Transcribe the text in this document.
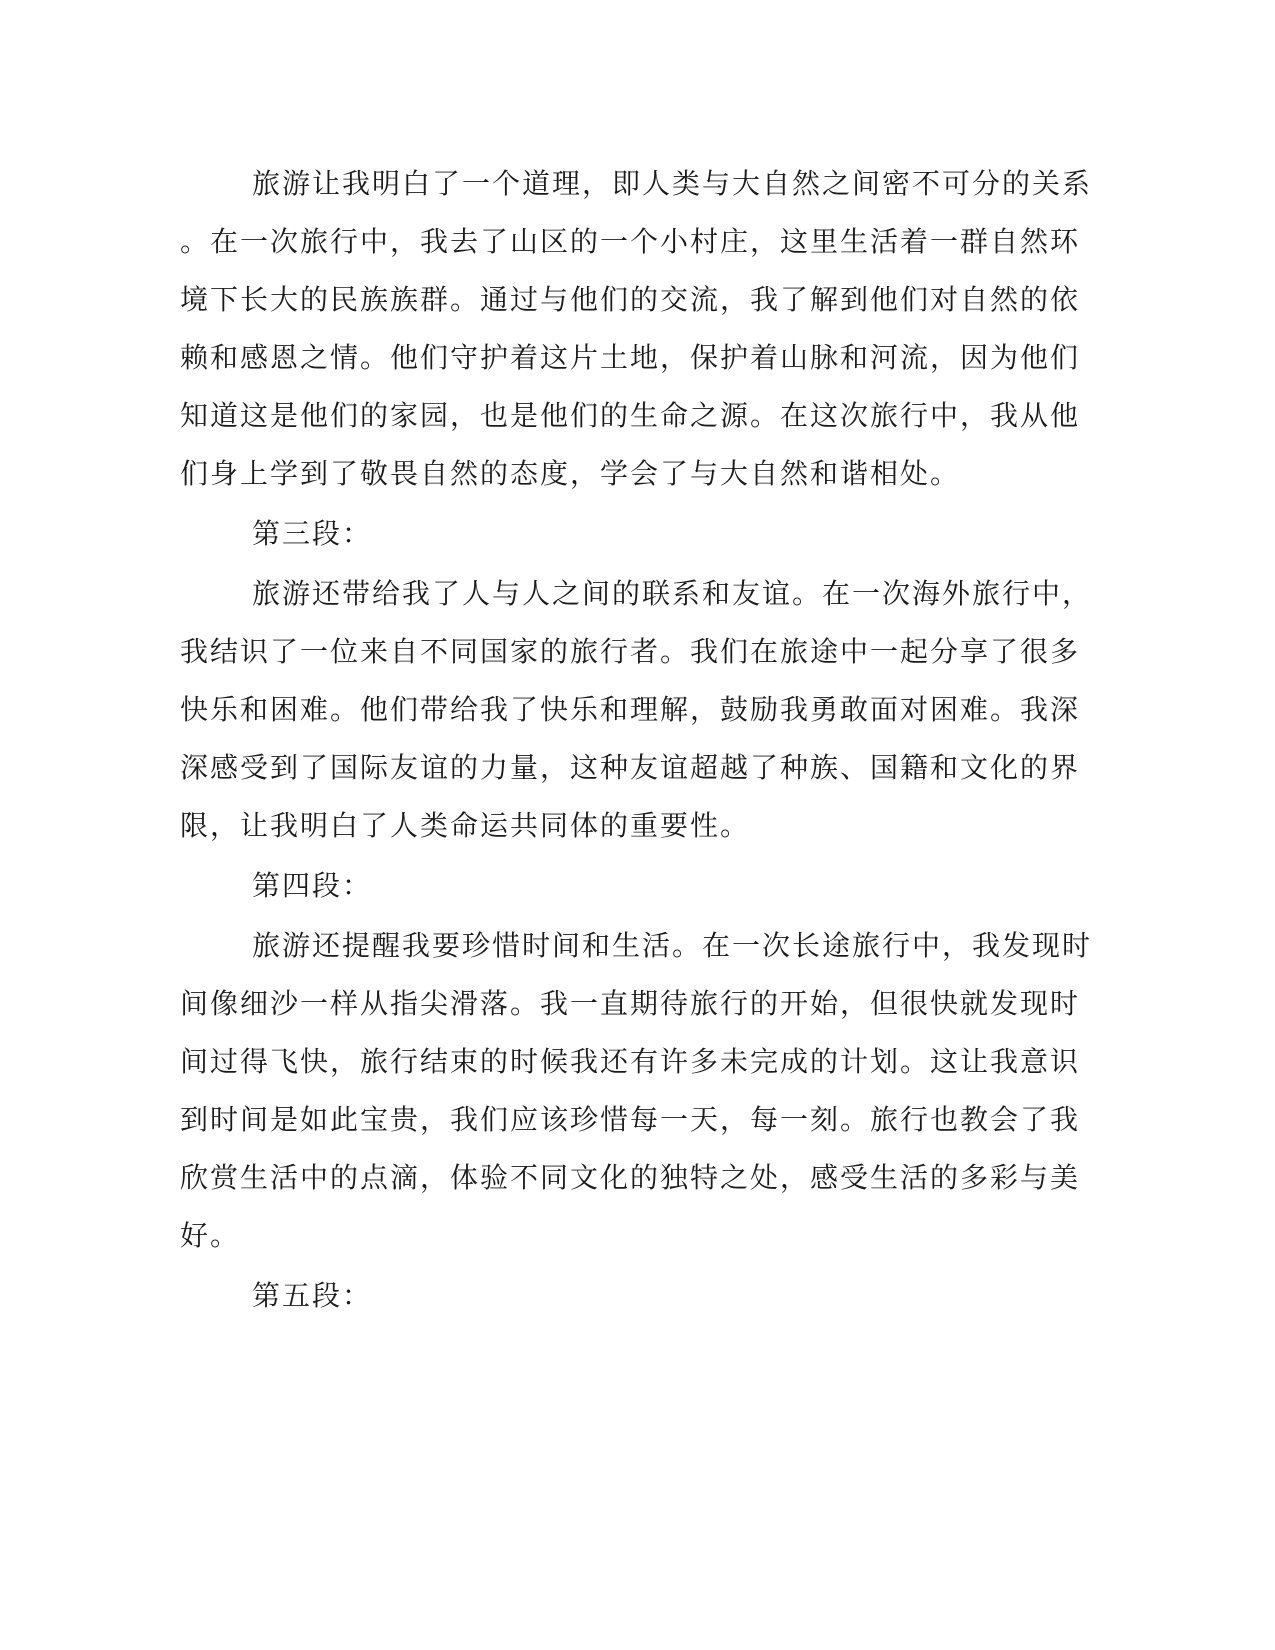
旅游让我明白了一个道理，即人类与大自然之间密不可分的关系
。在一次旅行中，我去了山区的一个小村庄，这里生活着一群自然环
境下长大的民族族群。通过与他们的交流，我了解到他们对自然的依
赖和感恩之情。他们守护着这片土地，保护着山脉和河流，因为他们
知道这是他们的家园，也是他们的生命之源。在这次旅行中，我从他
们身上学到了敬畏自然的态度，学会了与大自然和谐相处。
第三段：
旅游还带给我了人与人之间的联系和友谊。在一次海外旅行中，
我结识了一位来自不同国家的旅行者。我们在旅途中一起分享了很多
快乐和困难。他们带给我了快乐和理解，鼓励我勇敢面对困难。我深
深感受到了国际友谊的力量，这种友谊超越了种族、国籍和文化的界
限，让我明白了人类命运共同体的重要性。
第四段：
旅游还提醒我要珍惜时间和生活。在一次长途旅行中，我发现时
间像细沙一样从指尖滑落。我一直期待旅行的开始，但很快就发现时
间过得飞快，旅行结束的时候我还有许多未完成的计划。这让我意识
到时间是如此宝贵，我们应该珍惜每一天，每一刻。旅行也教会了我
欣赏生活中的点滴，体验不同文化的独特之处，感受生活的多彩与美
好。
第五段：
